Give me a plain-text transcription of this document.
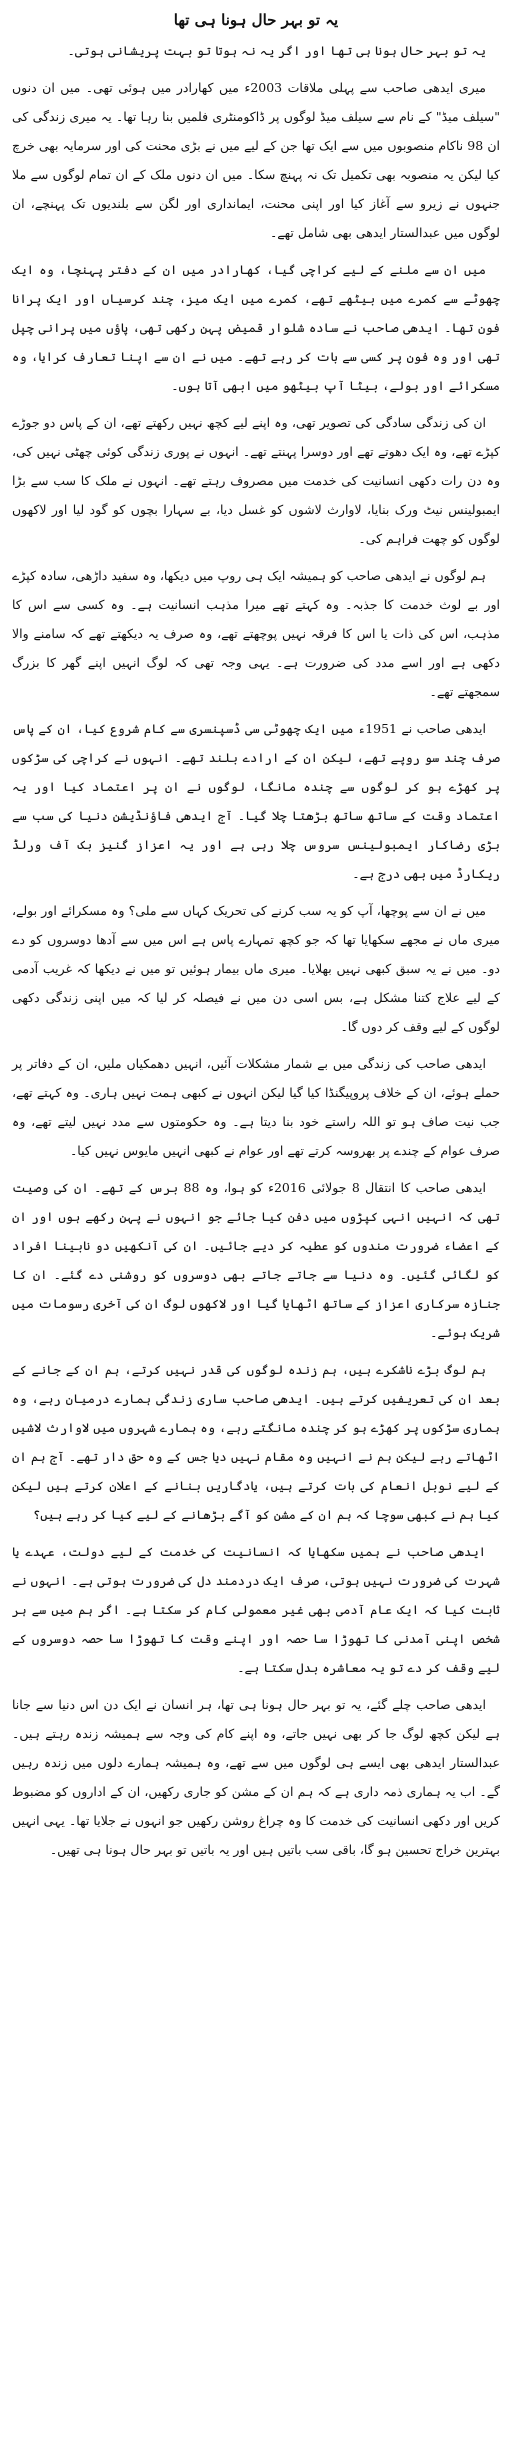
یہ تو بہر حال ہونا ہی تھا

یہ تو بہر حال ہونا ہی تھا اور اگر یہ نہ ہوتا تو بہت پریشانی ہوتی۔

میری ایدھی صاحب سے پہلی ملاقات 2003ء میں کھارادر میں ہوئی تھی۔ میں ان دنوں "سیلف میڈ" کے نام سے سیلف میڈ لوگوں پر ڈاکومنٹری فلمیں بنا رہا تھا۔ یہ میری زندگی کی ان 98 ناکام منصوبوں میں سے ایک تھا جن کے لیے میں نے بڑی محنت کی اور سرمایہ بھی خرچ کیا لیکن یہ منصوبہ بھی تکمیل تک نہ پہنچ سکا۔ میں ان دنوں ملک کے ان تمام لوگوں سے ملا جنہوں نے زیرو سے آغاز کیا اور اپنی محنت، ایمانداری اور لگن سے بلندیوں تک پہنچے، ان لوگوں میں عبدالستار ایدھی بھی شامل تھے۔

میں ان سے ملنے کے لیے کراچی گیا، کھارادر میں ان کے دفتر پہنچا، وہ ایک چھوٹے سے کمرے میں بیٹھے تھے، کمرے میں ایک میز، چند کرسیاں اور ایک پرانا فون تھا۔ ایدھی صاحب نے سادہ شلوار قمیض پہن رکھی تھی، پاؤں میں پرانی چپل تھی اور وہ فون پر کسی سے بات کر رہے تھے۔ میں نے ان سے اپنا تعارف کرایا، وہ مسکرائے اور بولے، بیٹا آپ بیٹھو میں ابھی آتا ہوں۔

ان کی زندگی سادگی کی تصویر تھی، وہ اپنے لیے کچھ نہیں رکھتے تھے، ان کے پاس دو جوڑے کپڑے تھے، وہ ایک دھوتے تھے اور دوسرا پہنتے تھے۔ انہوں نے پوری زندگی کوئی چھٹی نہیں کی، وہ دن رات دکھی انسانیت کی خدمت میں مصروف رہتے تھے۔ انہوں نے ملک کا سب سے بڑا ایمبولینس نیٹ ورک بنایا، لاوارث لاشوں کو غسل دیا، بے سہارا بچوں کو گود لیا اور لاکھوں لوگوں کو چھت فراہم کی۔

ہم لوگوں نے ایدھی صاحب کو ہمیشہ ایک ہی روپ میں دیکھا، وہ سفید داڑھی، سادہ کپڑے اور بے لوث خدمت کا جذبہ۔ وہ کہتے تھے میرا مذہب انسانیت ہے۔ وہ کسی سے اس کا مذہب، اس کی ذات یا اس کا فرقہ نہیں پوچھتے تھے، وہ صرف یہ دیکھتے تھے کہ سامنے والا دکھی ہے اور اسے مدد کی ضرورت ہے۔ یہی وجہ تھی کہ لوگ انہیں اپنے گھر کا بزرگ سمجھتے تھے۔

ایدھی صاحب نے 1951ء میں ایک چھوٹی سی ڈسپنسری سے کام شروع کیا، ان کے پاس صرف چند سو روپے تھے، لیکن ان کے ارادے بلند تھے۔ انہوں نے کراچی کی سڑکوں پر کھڑے ہو کر لوگوں سے چندہ مانگا، لوگوں نے ان پر اعتماد کیا اور یہ اعتماد وقت کے ساتھ ساتھ بڑھتا چلا گیا۔ آج ایدھی فاؤنڈیشن دنیا کی سب سے بڑی رضاکار ایمبولینس سروس چلا رہی ہے اور یہ اعزاز گنیز بک آف ورلڈ ریکارڈ میں بھی درج ہے۔

میں نے ان سے پوچھا، آپ کو یہ سب کرنے کی تحریک کہاں سے ملی؟ وہ مسکرائے اور بولے، میری ماں نے مجھے سکھایا تھا کہ جو کچھ تمہارے پاس ہے اس میں سے آدھا دوسروں کو دے دو۔ میں نے یہ سبق کبھی نہیں بھلایا۔ میری ماں بیمار ہوئیں تو میں نے دیکھا کہ غریب آدمی کے لیے علاج کتنا مشکل ہے، بس اسی دن میں نے فیصلہ کر لیا کہ میں اپنی زندگی دکھی لوگوں کے لیے وقف کر دوں گا۔

ایدھی صاحب کی زندگی میں بے شمار مشکلات آئیں، انہیں دھمکیاں ملیں، ان کے دفاتر پر حملے ہوئے، ان کے خلاف پروپیگنڈا کیا گیا لیکن انہوں نے کبھی ہمت نہیں ہاری۔ وہ کہتے تھے، جب نیت صاف ہو تو اللہ راستے خود بنا دیتا ہے۔ وہ حکومتوں سے مدد نہیں لیتے تھے، وہ صرف عوام کے چندے پر بھروسہ کرتے تھے اور عوام نے کبھی انہیں مایوس نہیں کیا۔

ایدھی صاحب کا انتقال 8 جولائی 2016ء کو ہوا، وہ 88 برس کے تھے۔ ان کی وصیت تھی کہ انہیں انہی کپڑوں میں دفن کیا جائے جو انہوں نے پہن رکھے ہوں اور ان کے اعضاء ضرورت مندوں کو عطیہ کر دیے جائیں۔ ان کی آنکھیں دو نابینا افراد کو لگائی گئیں۔ وہ دنیا سے جاتے جاتے بھی دوسروں کو روشنی دے گئے۔ ان کا جنازہ سرکاری اعزاز کے ساتھ اٹھایا گیا اور لاکھوں لوگ ان کی آخری رسومات میں شریک ہوئے۔

ہم لوگ بڑے ناشکرے ہیں، ہم زندہ لوگوں کی قدر نہیں کرتے، ہم ان کے جانے کے بعد ان کی تعریفیں کرتے ہیں۔ ایدھی صاحب ساری زندگی ہمارے درمیان رہے، وہ ہماری سڑکوں پر کھڑے ہو کر چندہ مانگتے رہے، وہ ہمارے شہروں میں لاوارث لاشیں اٹھاتے رہے لیکن ہم نے انہیں وہ مقام نہیں دیا جس کے وہ حق دار تھے۔ آج ہم ان کے لیے نوبل انعام کی بات کرتے ہیں، یادگاریں بنانے کے اعلان کرتے ہیں لیکن کیا ہم نے کبھی سوچا کہ ہم ان کے مشن کو آگے بڑھانے کے لیے کیا کر رہے ہیں؟

ایدھی صاحب نے ہمیں سکھایا کہ انسانیت کی خدمت کے لیے دولت، عہدے یا شہرت کی ضرورت نہیں ہوتی، صرف ایک دردمند دل کی ضرورت ہوتی ہے۔ انہوں نے ثابت کیا کہ ایک عام آدمی بھی غیر معمولی کام کر سکتا ہے۔ اگر ہم میں سے ہر شخص اپنی آمدنی کا تھوڑا سا حصہ اور اپنے وقت کا تھوڑا سا حصہ دوسروں کے لیے وقف کر دے تو یہ معاشرہ بدل سکتا ہے۔

ایدھی صاحب چلے گئے، یہ تو بہر حال ہونا ہی تھا، ہر انسان نے ایک دن اس دنیا سے جانا ہے لیکن کچھ لوگ جا کر بھی نہیں جاتے، وہ اپنے کام کی وجہ سے ہمیشہ زندہ رہتے ہیں۔ عبدالستار ایدھی بھی ایسے ہی لوگوں میں سے تھے، وہ ہمیشہ ہمارے دلوں میں زندہ رہیں گے۔ اب یہ ہماری ذمہ داری ہے کہ ہم ان کے مشن کو جاری رکھیں، ان کے اداروں کو مضبوط کریں اور دکھی انسانیت کی خدمت کا وہ چراغ روشن رکھیں جو انہوں نے جلایا تھا۔ یہی انہیں بہترین خراج تحسین ہو گا، باقی سب باتیں ہیں اور یہ باتیں تو بہر حال ہونا ہی تھیں۔
